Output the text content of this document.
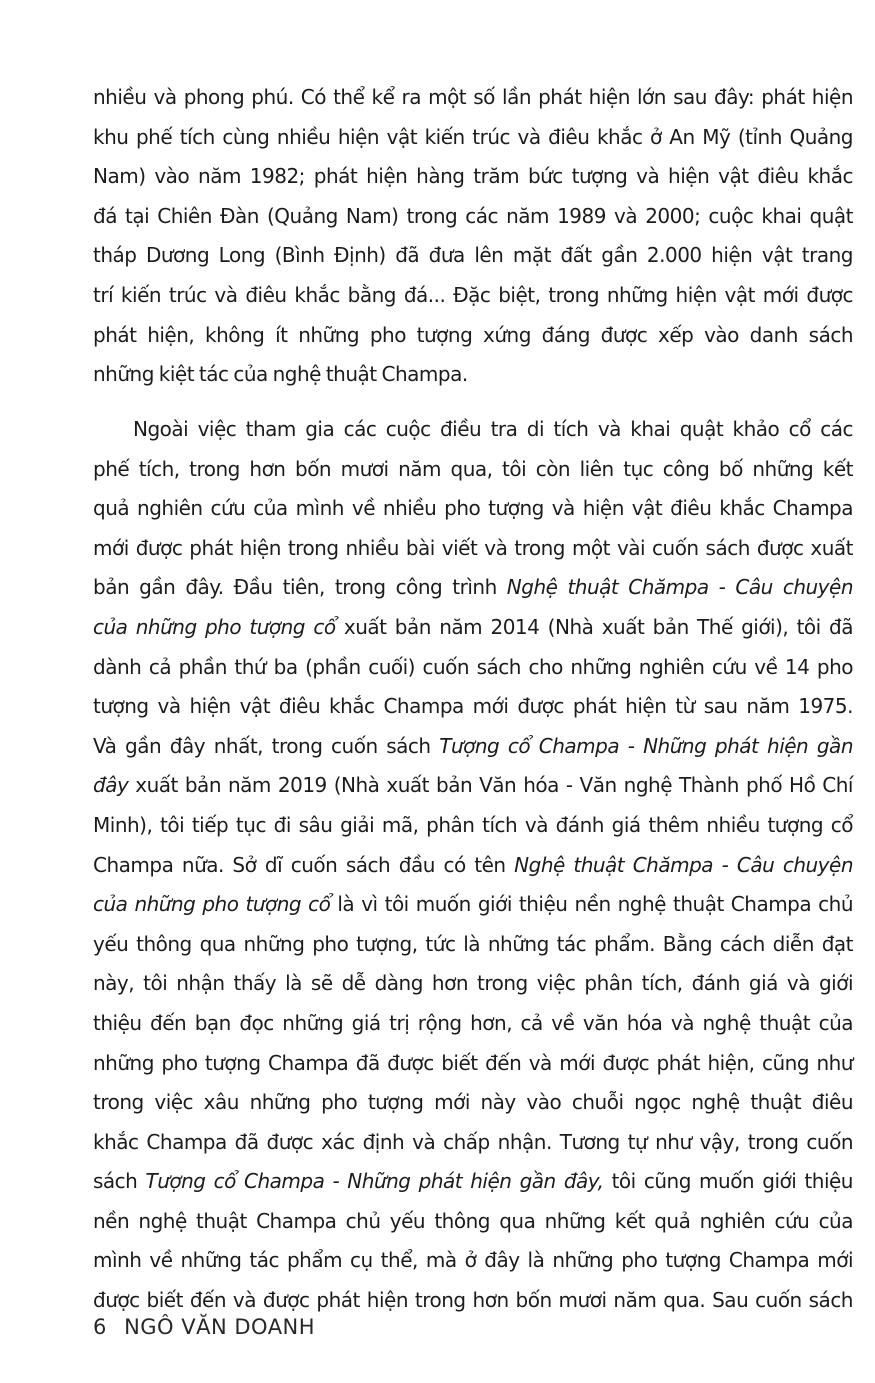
nhiều và phong phú. Có thể kể ra một số lần phát hiện lớn sau đây: phát hiện
khu phế tích cùng nhiều hiện vật kiến trúc và điêu khắc ở An Mỹ (tỉnh Quảng
Nam) vào năm 1982; phát hiện hàng trăm bức tượng và hiện vật điêu khắc
đá tại Chiên Đàn (Quảng Nam) trong các năm 1989 và 2000; cuộc khai quật
tháp Dương Long (Bình Định) đã đưa lên mặt đất gần 2.000 hiện vật trang
trí kiến trúc và điêu khắc bằng đá... Đặc biệt, trong những hiện vật mới được
phát hiện, không ít những pho tượng xứng đáng được xếp vào danh sách
những kiệt tác của nghệ thuật Champa.
Ngoài việc tham gia các cuộc điều tra di tích và khai quật khảo cổ các
phế tích, trong hơn bốn mươi năm qua, tôi còn liên tục công bố những kết
quả nghiên cứu của mình về nhiều pho tượng và hiện vật điêu khắc Champa
mới được phát hiện trong nhiều bài viết và trong một vài cuốn sách được xuất
bản gần đây. Đầu tiên, trong công trình Nghệ thuật Chămpa - Câu chuyện
của những pho tượng cổ xuất bản năm 2014 (Nhà xuất bản Thế giới), tôi đã
dành cả phần thứ ba (phần cuối) cuốn sách cho những nghiên cứu về 14 pho
tượng và hiện vật điêu khắc Champa mới được phát hiện từ sau năm 1975.
Và gần đây nhất, trong cuốn sách Tượng cổ Champa - Những phát hiện gần
đây xuất bản năm 2019 (Nhà xuất bản Văn hóa - Văn nghệ Thành phố Hồ Chí
Minh), tôi tiếp tục đi sâu giải mã, phân tích và đánh giá thêm nhiều tượng cổ
Champa nữa. Sở dĩ cuốn sách đầu có tên Nghệ thuật Chămpa - Câu chuyện
của những pho tượng cổ là vì tôi muốn giới thiệu nền nghệ thuật Champa chủ
yếu thông qua những pho tượng, tức là những tác phẩm. Bằng cách diễn đạt
này, tôi nhận thấy là sẽ dễ dàng hơn trong việc phân tích, đánh giá và giới
thiệu đến bạn đọc những giá trị rộng hơn, cả về văn hóa và nghệ thuật của
những pho tượng Champa đã được biết đến và mới được phát hiện, cũng như
trong việc xâu những pho tượng mới này vào chuỗi ngọc nghệ thuật điêu
khắc Champa đã được xác định và chấp nhận. Tương tự như vậy, trong cuốn
sách Tượng cổ Champa - Những phát hiện gần đây, tôi cũng muốn giới thiệu
nền nghệ thuật Champa chủ yếu thông qua những kết quả nghiên cứu của
mình về những tác phẩm cụ thể, mà ở đây là những pho tượng Champa mới
được biết đến và được phát hiện trong hơn bốn mươi năm qua. Sau cuốn sách
6 NGÔ VĂN DOANH
